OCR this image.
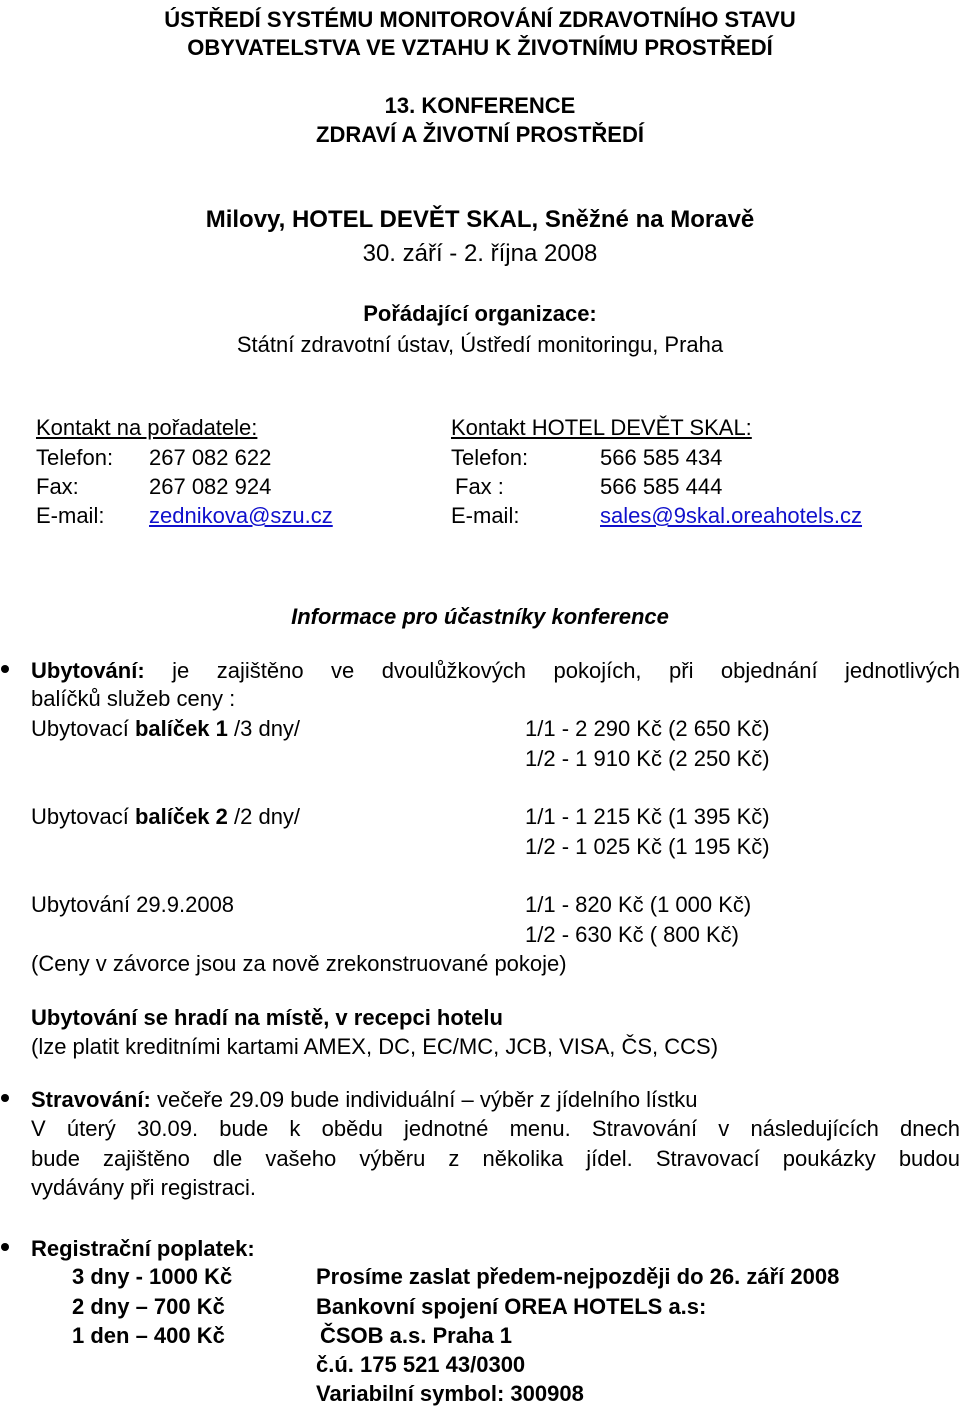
ÚSTŘEDÍ SYSTÉMU MONITOROVÁNÍ ZDRAVOTNÍHO STAVU
OBYVATELSTVA VE VZTAHU K ŽIVOTNÍMU PROSTŘEDÍ
13. KONFERENCE
ZDRAVÍ A ŽIVOTNÍ PROSTŘEDÍ
Milovy, HOTEL DEVĚT SKAL, Sněžné na Moravě
30. září - 2. října 2008
Pořádající organizace:
Státní zdravotní ústav, Ústředí monitoringu, Praha
Kontakt na pořadatele:
Telefon: 267 082 622
Fax:	267 082 924
E-mail: zednikova@szu.cz
Kontakt HOTEL DEVĚT SKAL:
Telefon:	566 585 434
Fax :	566 585 444
E-mail:	sales@9skal.oreahotels.cz
Informace pro účastníky konference
Ubytování: je zajištěno ve dvoulůžkových pokojích, při objednání jednotlivých
balíčků služeb ceny :
Ubytovací balíček 1 /3 dny/	1/1 - 2 290 Kč (2 650 Kč)
1/2 - 1 910 Kč (2 250 Kč)
Ubytovací balíček 2 /2 dny/	1/1 - 1 215 Kč (1 395 Kč)
1/2 - 1 025 Kč (1 195 Kč)
Ubytování 29.9.2008	1/1 - 820 Kč (1 000 Kč)
1/2 - 630 Kč ( 800 Kč)
(Ceny v závorce jsou za nově zrekonstruované pokoje)
Ubytování se hradí na místě, v recepci hotelu
(lze platit kreditními kartami AMEX, DC, EC/MC, JCB, VISA, ČS, CCS)
Stravování: večeře 29.09 bude individuální – výběr z jídelního lístku
V úterý 30.09. bude k obědu jednotné menu. Stravování v následujících dnech
bude zajištěno dle vašeho výběru z několika jídel. Stravovací poukázky budou
vydávány při registraci.
Registrační poplatek:
3 dny - 1000 Kč
2 dny – 700 Kč
1 den – 400 Kč
Prosíme zaslat předem-nejpozději do 26. září 2008
Bankovní spojení OREA HOTELS a.s:
ČSOB a.s. Praha 1
č.ú. 175 521 43/0300
Variabilní symbol: 300908
